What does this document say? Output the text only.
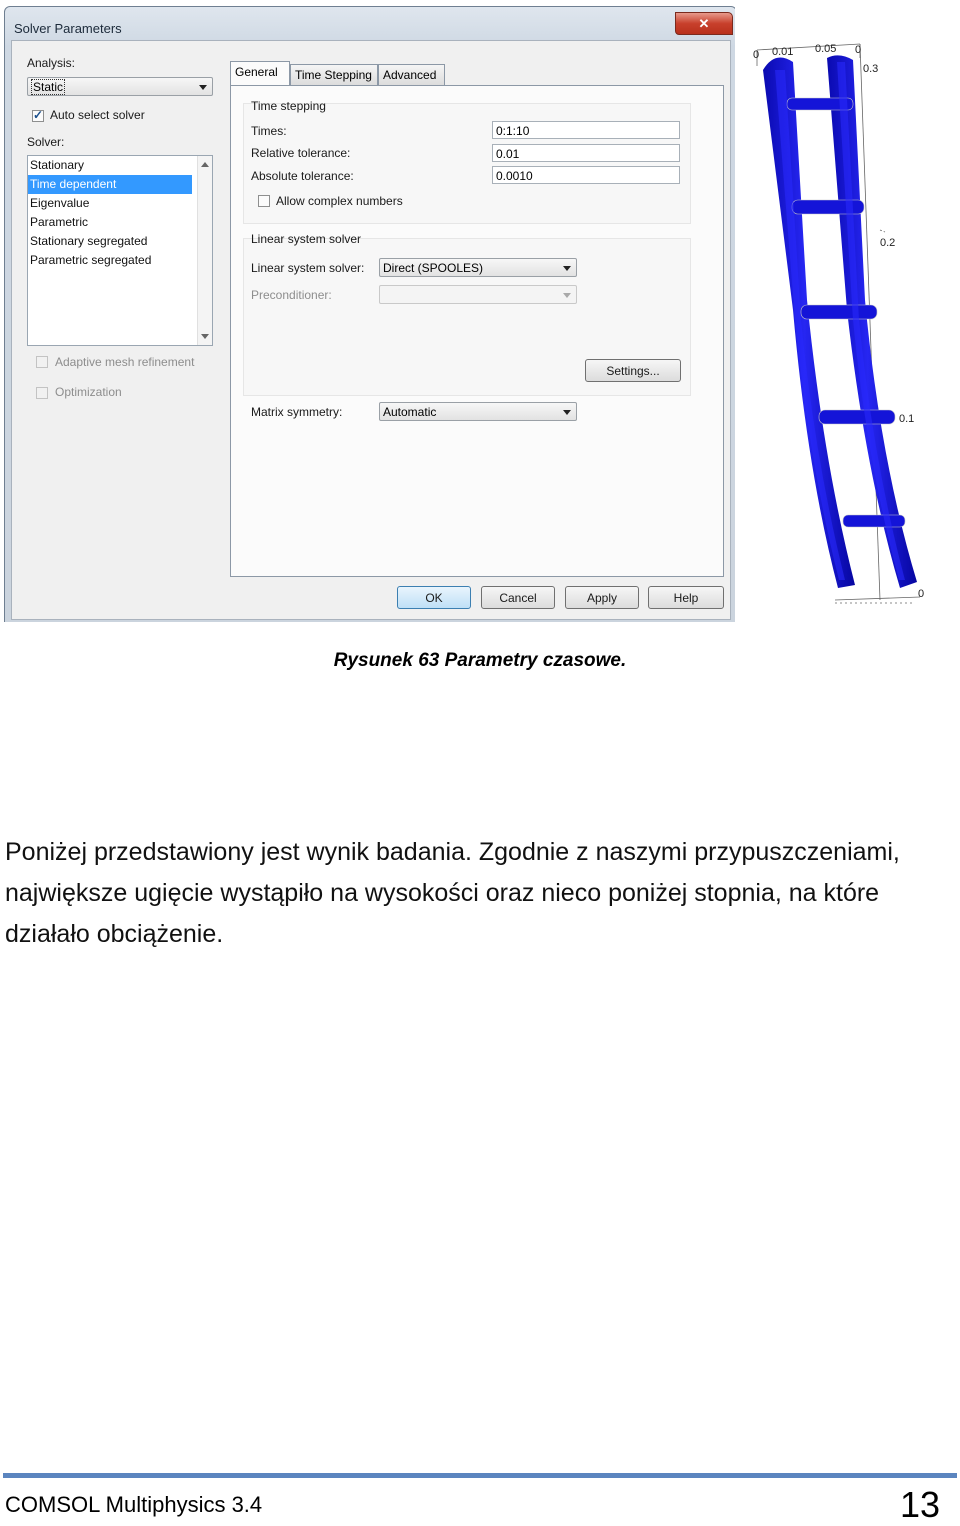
Solver Parameters	✕
Analysis:
Static
✓
Auto select solver
Solver:
Stationary
Time dependent
Eigenvalue
Parametric
Stationary segregated
Parametric segregated
Adaptive mesh refinement
Optimization
General	Time Stepping Advanced
Time stepping
Times:	0:1:10
Relative tolerance:	0.01
Absolute tolerance:	0.0010
Allow complex numbers
Linear system solver
Linear system solver:	Direct (SPOOLES)
Preconditioner:
Settings...
Matrix symmetry:	Automatic
OK	Cancel	Apply	Help
0 0.01 0.05 0
0.3
0.2
0.1
0
Rysunek 63 Parametry czasowe.
Poniżej przedstawiony jest wynik badania. Zgodnie z naszymi przypuszczeniami,
największe ugięcie wystąpiło na wysokości oraz nieco poniżej stopnia, na które
działało obciążenie.
COMSOL Multiphysics 3.4	13
